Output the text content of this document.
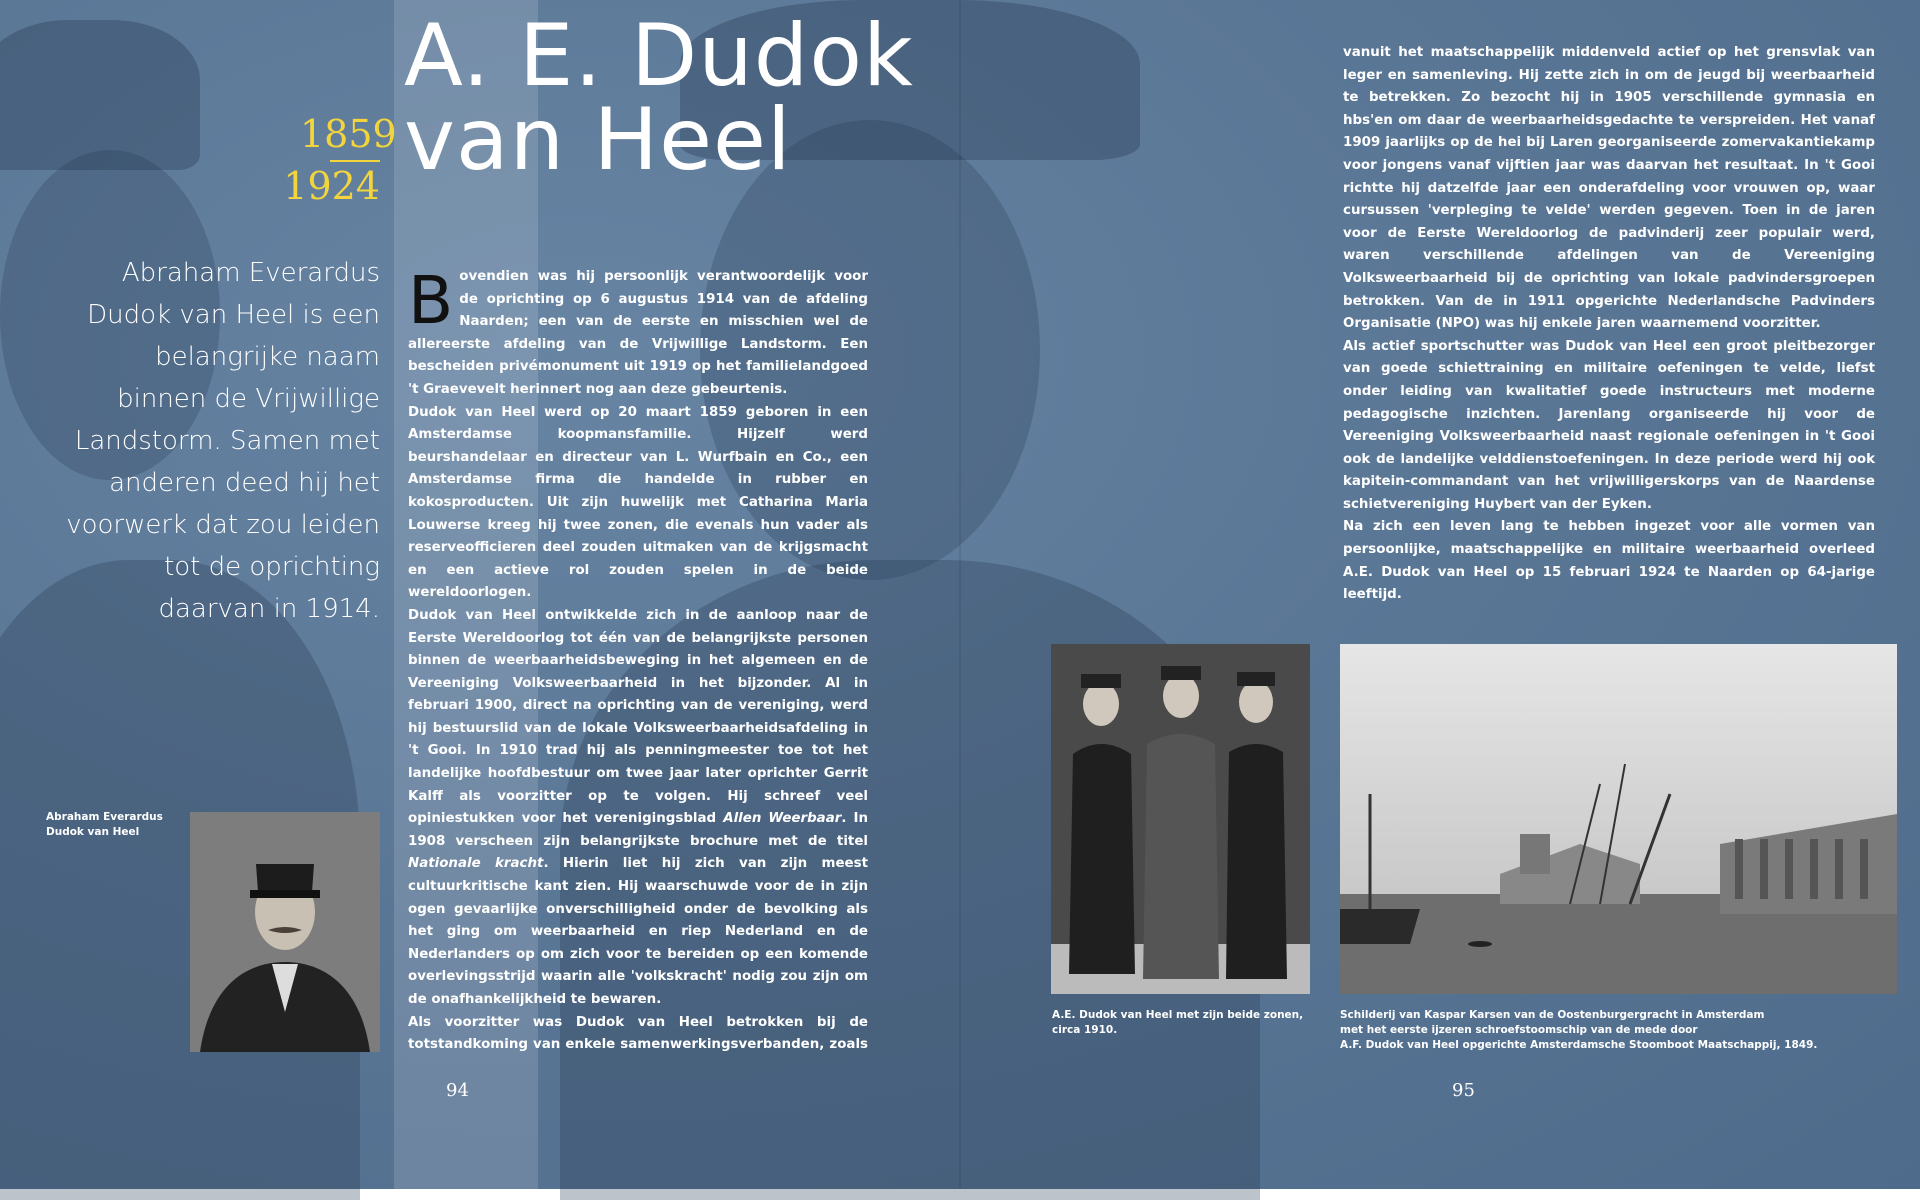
A. E. Dudok
van Heel
1859
1924
Abraham Everardus Dudok van Heel is een belangrijke naam binnen de Vrijwillige Landstorm. Samen met anderen deed hij het voorwerk dat zou leiden tot de oprichting daarvan in 1914.

Bovendien was hij persoonlijk verantwoordelijk voor de oprichting op 6 augustus 1914 van de afdeling Naarden; een van de eerste en misschien wel de allereerste afdeling van de Vrijwillige Landstorm. Een bescheiden privémonument uit 1919 op het familielandgoed 't Graevevelt herinnert nog aan deze gebeurtenis.

Dudok van Heel werd op 20 maart 1859 geboren in een Amsterdamse koopmansfamilie. Hijzelf werd beurshandelaar en directeur van L. Wurfbain en Co., een Amsterdamse firma die handelde in rubber en kokosproducten. Uit zijn huwelijk met Catharina Maria Louwerse kreeg hij twee zonen, die evenals hun vader als reserveofficieren deel zouden uitmaken van de krijgsmacht en een actieve rol zouden spelen in de beide wereldoorlogen.

Dudok van Heel ontwikkelde zich in de aanloop naar de Eerste Wereldoorlog tot één van de belangrijkste personen binnen de weerbaarheidsbeweging in het algemeen en de Vereeniging Volksweerbaarheid in het bijzonder. Al in februari 1900, direct na oprichting van de vereniging, werd hij bestuurslid van de lokale Volksweerbaarheidsafdeling in 't Gooi. In 1910 trad hij als penningmeester toe tot het landelijke hoofdbestuur om twee jaar later oprichter Gerrit Kalff als voorzitter op te volgen. Hij schreef veel opiniestukken voor het verenigingsblad Allen Weerbaar. In 1908 verscheen zijn belangrijkste brochure met de titel Nationale kracht. Hierin liet hij zich van zijn meest cultuurkritische kant zien. Hij waarschuwde voor de in zijn ogen gevaarlijke onverschilligheid onder de bevolking als het ging om weerbaarheid en riep Nederland en de Nederlanders op om zich voor te bereiden op een komende overlevingsstrijd waarin alle 'volkskracht' nodig zou zijn om de onafhankelijkheid te bewaren.

Als voorzitter was Dudok van Heel betrokken bij de totstandkoming van enkele samenwerkingsverbanden, zoals

vanuit het maatschappelijk middenveld actief op het grensvlak van leger en samenleving. Hij zette zich in om de jeugd bij weerbaarheid te betrekken. Zo bezocht hij in 1905 verschillende gymnasia en hbs'en om daar de weerbaarheidsgedachte te verspreiden. Het vanaf 1909 jaarlijks op de hei bij Laren georganiseerde zomervakantiekamp voor jongens vanaf vijftien jaar was daarvan het resultaat. In 't Gooi richtte hij datzelfde jaar een onderafdeling voor vrouwen op, waar cursussen 'verpleging te velde' werden gegeven. Toen in de jaren voor de Eerste Wereldoorlog de padvinderij zeer populair werd, waren verschillende afdelingen van de Vereeniging Volksweerbaarheid bij de oprichting van lokale padvindersgroepen betrokken. Van de in 1911 opgerichte Nederlandsche Padvinders Organisatie (NPO) was hij enkele jaren waarnemend voorzitter.

Als actief sportschutter was Dudok van Heel een groot pleitbezorger van goede schiettraining en militaire oefeningen te velde, liefst onder leiding van kwalitatief goede instructeurs met moderne pedagogische inzichten. Jarenlang organiseerde hij voor de Vereeniging Volksweerbaarheid naast regionale oefeningen in 't Gooi ook de landelijke velddienstoefeningen. In deze periode werd hij ook kapitein-commandant van het vrijwilligerskorps van de Naardense schietvereniging Huybert van der Eyken.

Na zich een leven lang te hebben ingezet voor alle vormen van persoonlijke, maatschappelijke en militaire weerbaarheid overleed A.E. Dudok van Heel op 15 februari 1924 te Naarden op 64-jarige leeftijd.

Abraham Everardus Dudok van Heel
A.E. Dudok van Heel met zijn beide zonen, circa 1910.
Schilderij van Kaspar Karsen van de Oostenburgergracht in Amsterdam
met het eerste ijzeren schroefstoomschip van de mede door
A.F. Dudok van Heel opgerichte Amsterdamsche Stoomboot Maatschappij, 1849.
94	95
